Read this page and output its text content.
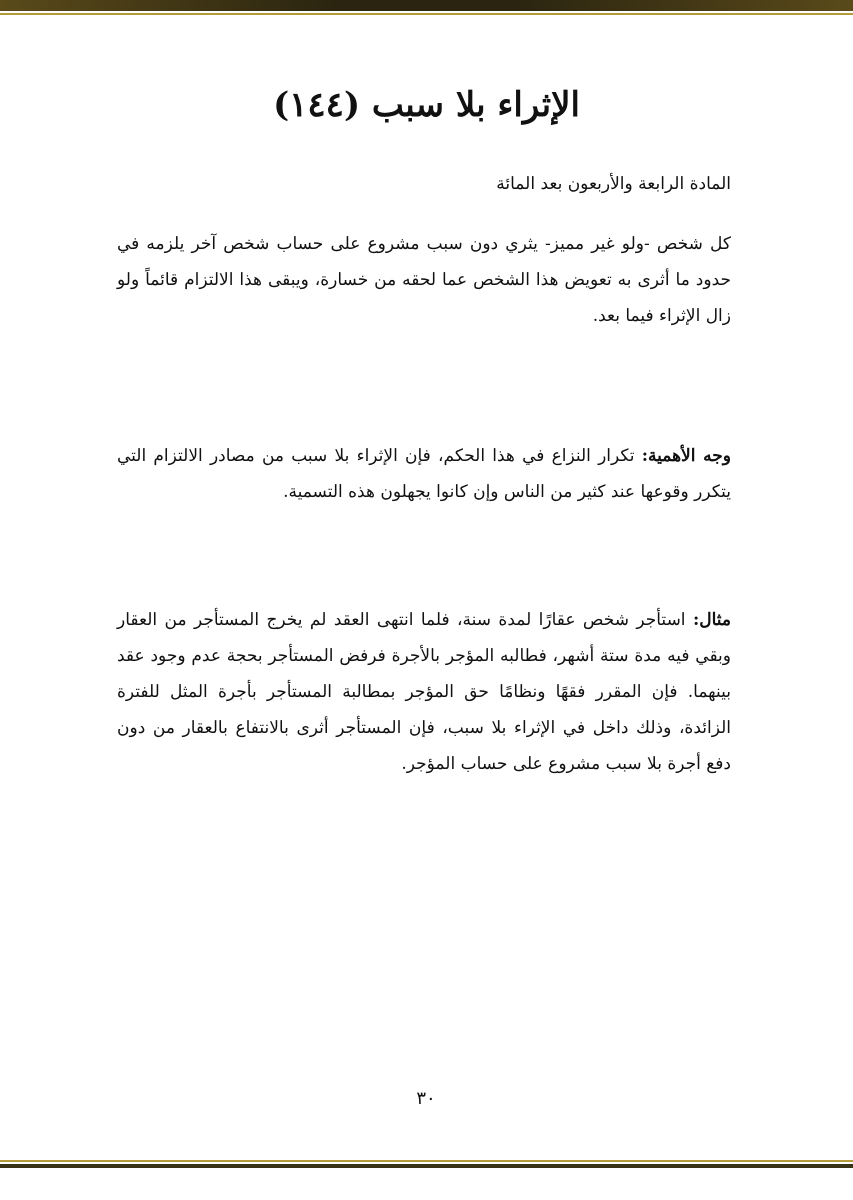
الإثراء بلا سبب (١٤٤)

المادة الرابعة والأربعون بعد المائة

كل شخص -ولو غير مميز- يثري دون سبب مشروع على حساب شخص آخر يلزمه في حدود ما أثرى به تعويض هذا الشخص عما لحقه من خسارة، ويبقى هذا الالتزام قائماً ولو زال الإثراء فيما بعد.

وجه الأهمية: تكرار النزاع في هذا الحكم، فإن الإثراء بلا سبب من مصادر الالتزام التي يتكرر وقوعها عند كثير من الناس وإن كانوا يجهلون هذه التسمية.

مثال: استأجر شخص عقارًا لمدة سنة، فلما انتهى العقد لم يخرج المستأجر من العقار وبقي فيه مدة ستة أشهر، فطالبه المؤجر بالأجرة فرفض المستأجر بحجة عدم وجود عقد بينهما. فإن المقرر فقهًا ونظامًا حق المؤجر بمطالبة المستأجر بأجرة المثل للفترة الزائدة، وذلك داخل في الإثراء بلا سبب، فإن المستأجر أثرى بالانتفاع بالعقار من دون دفع أجرة بلا سبب مشروع على حساب المؤجر.

٣٠
